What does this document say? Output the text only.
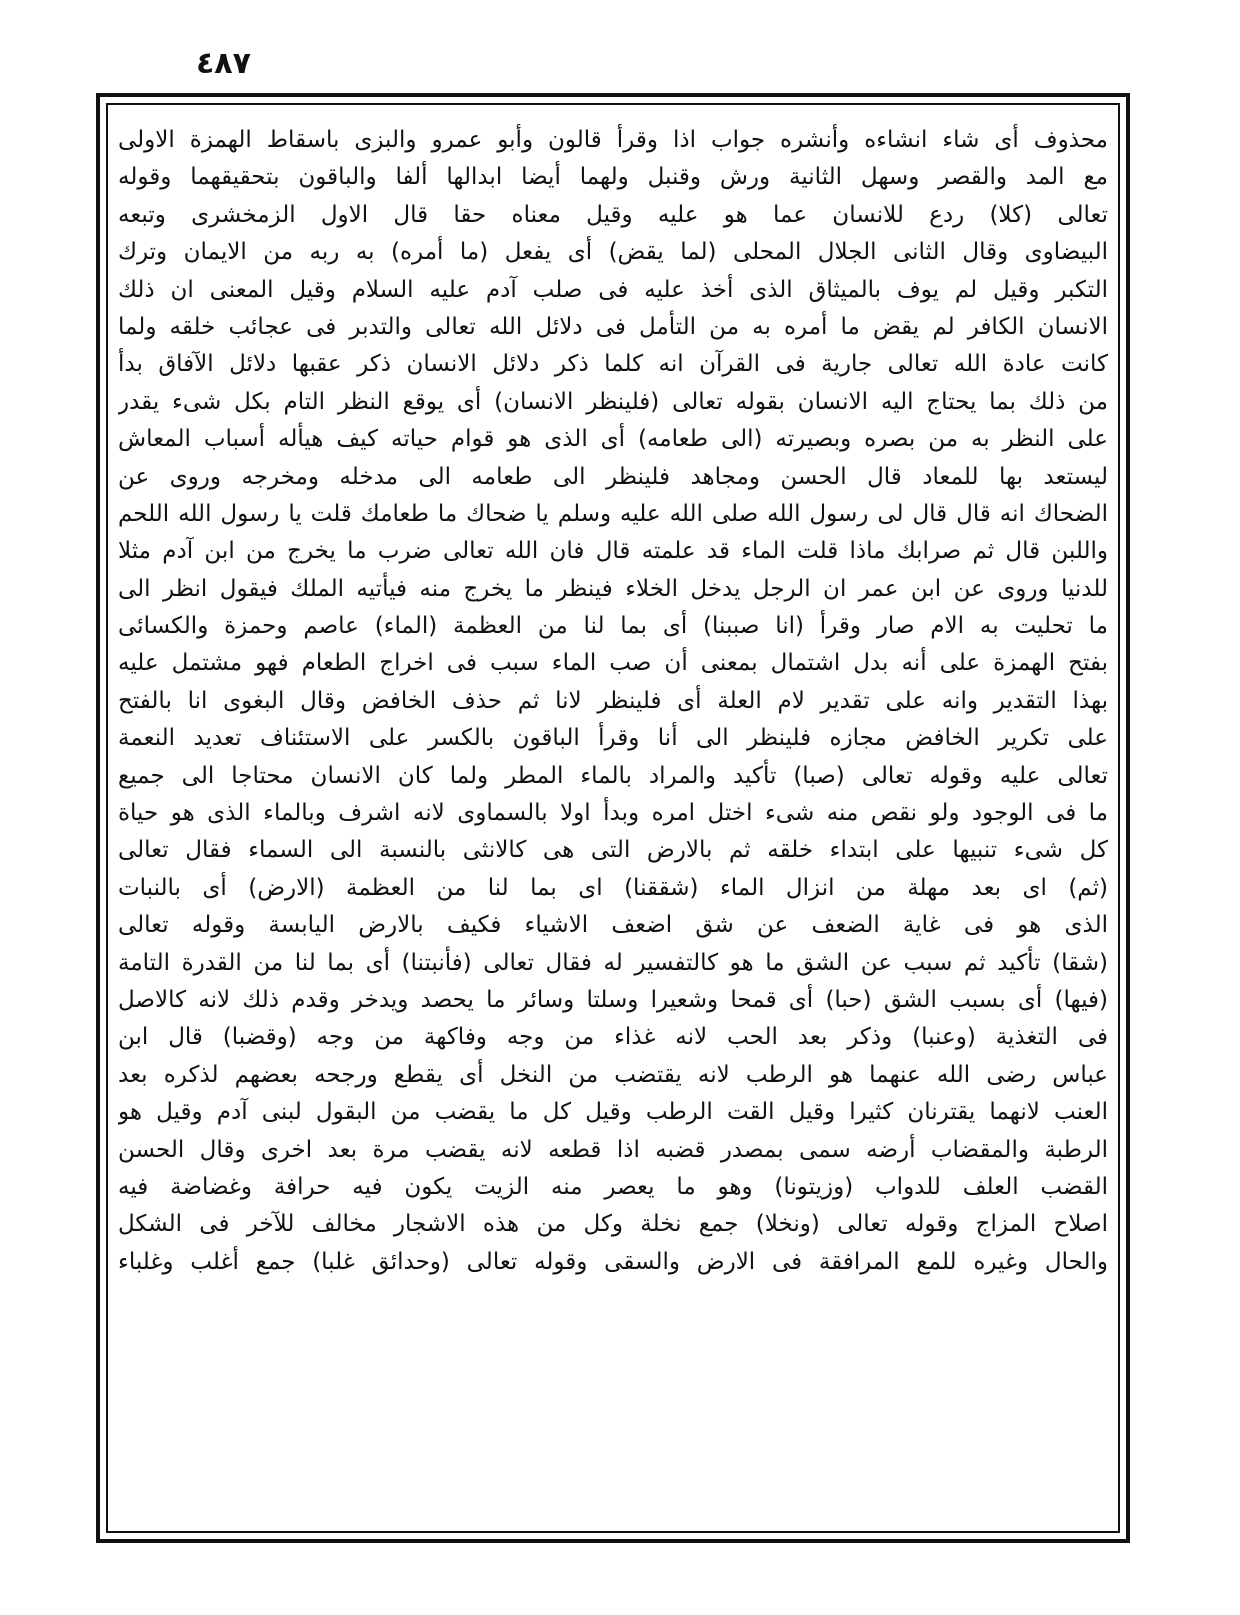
٤٨٧
محذوف أى شاء انشاءه وأنشره جواب اذا وقرأ قالون وأبو عمرو والبزى باسقاط الهمزة الاولى
مع المد والقصر وسهل الثانية ورش وقنبل ولهما أيضا ابدالها ألفا والباقون بتحقيقهما وقوله
تعالى (كلا) ردع للانسان عما هو عليه وقيل معناه حقا قال الاول الزمخشرى وتبعه
البيضاوى وقال الثانى الجلال المحلى (لما يقض) أى يفعل (ما أمره) به ربه من الايمان وترك
التكبر وقيل لم يوف بالميثاق الذى أخذ عليه فى صلب آدم عليه السلام وقيل المعنى ان ذلك
الانسان الكافر لم يقض ما أمره به من التأمل فى دلائل الله تعالى والتدبر فى عجائب خلقه ولما
كانت عادة الله تعالى جارية فى القرآن انه كلما ذكر دلائل الانسان ذكر عقبها دلائل الآفاق بدأ
من ذلك بما يحتاج اليه الانسان بقوله تعالى (فلينظر الانسان) أى يوقع النظر التام بكل شىء يقدر
على النظر به من بصره وبصيرته (الى طعامه) أى الذى هو قوام حياته كيف هيأله أسباب المعاش
ليستعد بها للمعاد قال الحسن ومجاهد فلينظر الى طعامه الى مدخله ومخرجه وروى عن
الضحاك انه قال قال لى رسول الله صلى الله عليه وسلم يا ضحاك ما طعامك قلت يا رسول الله اللحم
واللبن قال ثم صرابك ماذا قلت الماء قد علمته قال فان الله تعالى ضرب ما يخرج من ابن آدم مثلا
للدنيا وروى عن ابن عمر ان الرجل يدخل الخلاء فينظر ما يخرج منه فيأتيه الملك فيقول انظر الى
ما تحليت به الام صار وقرأ (انا صببنا) أى بما لنا من العظمة (الماء) عاصم وحمزة والكسائى
بفتح الهمزة على أنه بدل اشتمال بمعنى أن صب الماء سبب فى اخراج الطعام فهو مشتمل عليه
بهذا التقدير وانه على تقدير لام العلة أى فلينظر لانا ثم حذف الخافض وقال البغوى انا بالفتح
على تكرير الخافض مجازه فلينظر الى أنا وقرأ الباقون بالكسر على الاستئناف تعديد النعمة
تعالى عليه وقوله تعالى (صبا) تأكيد والمراد بالماء المطر ولما كان الانسان محتاجا الى جميع
ما فى الوجود ولو نقص منه شىء اختل امره وبدأ اولا بالسماوى لانه اشرف وبالماء الذى هو حياة
كل شىء تنبيها على ابتداء خلقه ثم بالارض التى هى كالانثى بالنسبة الى السماء فقال تعالى
(ثم) اى بعد مهلة من انزال الماء (شققنا) اى بما لنا من العظمة (الارض) أى بالنبات
الذى هو فى غاية الضعف عن شق اضعف الاشياء فكيف بالارض اليابسة وقوله تعالى
(شقا) تأكيد ثم سبب عن الشق ما هو كالتفسير له فقال تعالى (فأنبتنا) أى بما لنا من القدرة التامة
(فيها) أى بسبب الشق (حبا) أى قمحا وشعيرا وسلتا وسائر ما يحصد ويدخر وقدم ذلك لانه كالاصل
فى التغذية (وعنبا) وذكر بعد الحب لانه غذاء من وجه وفاكهة من وجه (وقضبا) قال ابن
عباس رضى الله عنهما هو الرطب لانه يقتضب من النخل أى يقطع ورجحه بعضهم لذكره بعد
العنب لانهما يقترنان كثيرا وقيل القت الرطب وقيل كل ما يقضب من البقول لبنى آدم وقيل هو
الرطبة والمقضاب أرضه سمى بمصدر قضبه اذا قطعه لانه يقضب مرة بعد اخرى وقال الحسن
القضب العلف للدواب (وزيتونا) وهو ما يعصر منه الزيت يكون فيه حرافة وغضاضة فيه
اصلاح المزاج وقوله تعالى (ونخلا) جمع نخلة وكل من هذه الاشجار مخالف للآخر فى الشكل
والحال وغيره للمع المرافقة فى الارض والسقى وقوله تعالى (وحدائق غلبا) جمع أغلب وغلباء
